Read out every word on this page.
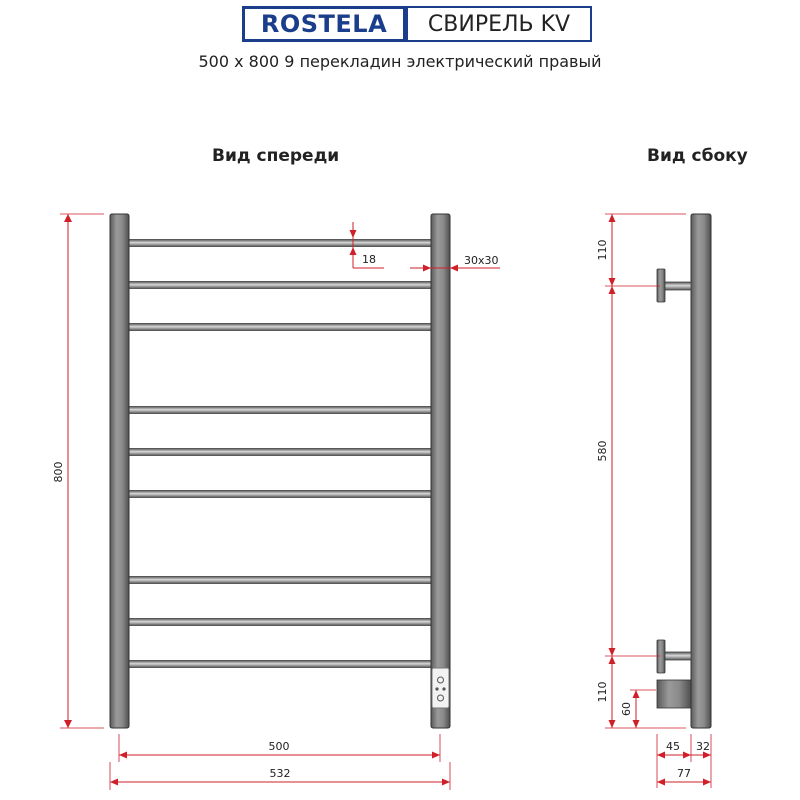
ROSTELA СВИРЕЛЬ KV
500 x 800 9 перекладин электрический правый
Вид спереди	Вид сбоку
800
18	30x30
500
532
110
580
110
60
45 32
77
